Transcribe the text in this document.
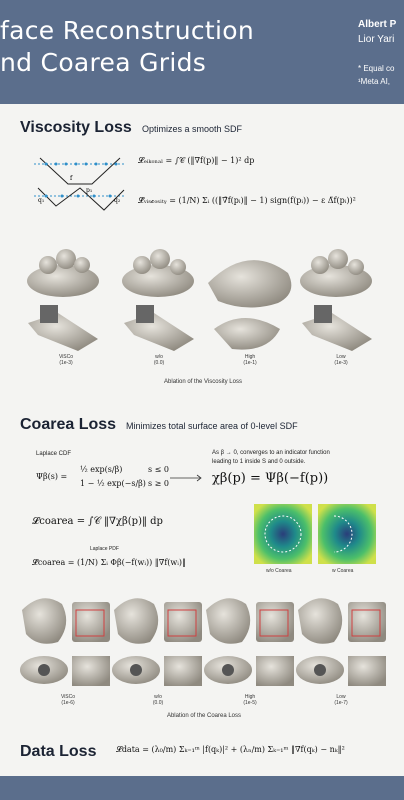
face Reconstruction
nd Coarea Grids
Albert P
Lior Yari
* Equal co
¹Meta AI,
Viscosity Loss Optimizes a smooth SDF
f
p₁
q₁	q₂
𝓛ₑᵢₖₒₙₐₗ = ∫𝒞 (‖∇f(p)‖ − 1)² dp
𝓛̂ᵥᵢₛ𝒸ₒₛᵢₜᵧ = (1/N) Σᵢ ((‖∇̃f(pᵢ)‖ − 1) sign(f(pᵢ)) − ε Δ̃f(pᵢ))²
ViSCo
(1e-3)
w/o
(0.0)
High
(1e-1)
Low
(1e-3)
Ablation of the Viscosity Loss
Coarea Loss Minimizes total surface area of 0-level SDF
Laplace CDF
Ψβ(s) =
½ exp(s/β)	s ≤ 0
1 − ½ exp(−s/β) s ≥ 0
As β → 0, converges to an indicator function
leading to 1 inside S and 0 outside.
χβ(p) = Ψβ(−f(p))
𝓛coarea = ∫𝒞 ‖∇χβ(p)‖ dp
Laplace PDF
𝓛̂coarea = (1/N) Σᵢ Φβ(−f(wᵢ)) ‖∇f(wᵢ)‖
w/o Coarea	w Coarea
ViSCo
(1e-6)
w/o
(0.0)
High
(1e-5)
Low
(1e-7)
Ablation of the Coarea Loss
Data Loss 𝓛data = (λ₀/m) Σₖ₌₁ᵐ |f(qₖ)|² + (λₙ/m) Σₖ₌₁ᵐ ‖∇f(qₖ) − nₖ‖²
